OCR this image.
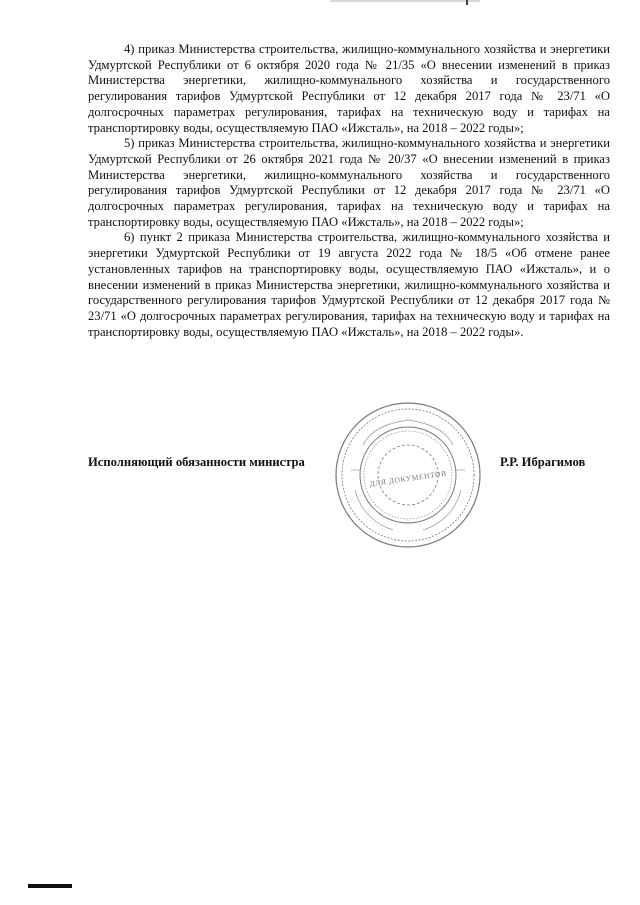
4) приказ Министерства строительства, жилищно-коммунального хозяйства и энергетики Удмуртской Республики от 6 октября 2020 года № 21/35 «О внесении изменений в приказ Министерства энергетики, жилищно-коммунального хозяйства и государственного регулирования тарифов Удмуртской Республики от 12 декабря 2017 года № 23/71 «О долгосрочных параметрах регулирования, тарифах на техническую воду и тарифах на транспортировку воды, осуществляемую ПАО «Ижсталь», на 2018 – 2022 годы»;

5) приказ Министерства строительства, жилищно-коммунального хозяйства и энергетики Удмуртской Республики от 26 октября 2021 года № 20/37 «О внесении изменений в приказ Министерства энергетики, жилищно-коммунального хозяйства и государственного регулирования тарифов Удмуртской Республики от 12 декабря 2017 года № 23/71 «О долгосрочных параметрах регулирования, тарифах на техническую воду и тарифах на транспортировку воды, осуществляемую ПАО «Ижсталь», на 2018 – 2022 годы»;

6) пункт 2 приказа Министерства строительства, жилищно-коммунального хозяйства и энергетики Удмуртской Республики от 19 августа 2022 года № 18/5 «Об отмене ранее установленных тарифов на транспортировку воды, осуществляемую ПАО «Ижсталь», и о внесении изменений в приказ Министерства энергетики, жилищно-коммунального хозяйства и государственного регулирования тарифов Удмуртской Республики от 12 декабря 2017 года № 23/71 «О долгосрочных параметрах регулирования, тарифах на техническую воду и тарифах на транспортировку воды, осуществляемую ПАО «Ижсталь», на 2018 – 2022 годы».

Исполняющий обязанности министра
· · · · · · · · ·	· · · · · · · ·
· · · · · · ·	· · · · · · ·
ДЛЯ ДОКУМЕНТОВ
Р.Р. Ибрагимов
